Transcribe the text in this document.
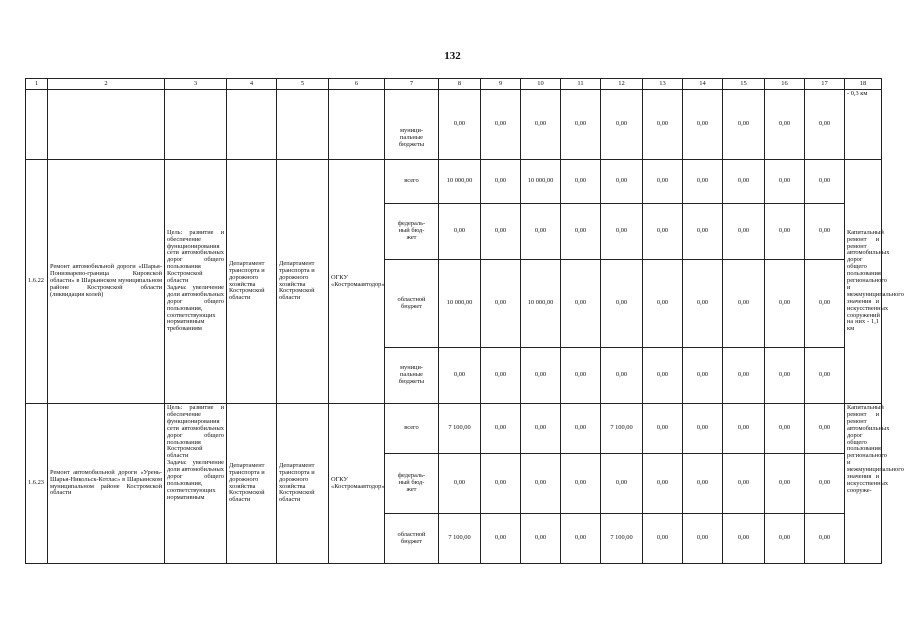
132
1	2	3	4	5	6	7	8	9	10	11	12	13	14	15	16	17	18
						муници-
пальные
бюджеты	0,00	0,00	0,00	0,00	0,00	0,00	0,00	0,00	0,00	0,00	- 0,3 км
1.6.22	Ремонт автомобильной дороги «Шарья-Понизварево-граница Кировской области» в Шарьинском муниципальном районе Костромской области (ликвидация колей)	Цель: развитие и обеспечение функционирования сети автомобильных дорог общего пользования Костромской области
Задача: увеличение доли автомобильных дорог общего пользования, соответствующих нормативным требованиям	Департамент транспорта и дорожного хозяйства Костромской области	Департамент транспорта и дорожного хозяйства Костромской области	ОГКУ «Костромаавтодор»	всего	10 000,00	0,00	10 000,00	0,00	0,00	0,00	0,00	0,00	0,00	0,00	Капитальный ремонт и ремонт автомобильных дорог общего пользования регионального и межмуниципального значения и искусственных сооружений на них - 1,1 км
						федераль-
ный бюд-
жет	0,00	0,00	0,00	0,00	0,00	0,00	0,00	0,00	0,00	0,00	
						областной
бюджет	10 000,00	0,00	10 000,00	0,00	0,00	0,00	0,00	0,00	0,00	0,00	
						муници-
пальные
бюджеты	0,00	0,00	0,00	0,00	0,00	0,00	0,00	0,00	0,00	0,00	
1.6.23	Ремонт автомобильной дороги «Урень-Шарья-Никольск-Котлас» в Шарьинском муниципальном районе Костромской области	Цель: развитие и обеспечение функционирования сети автомобильных дорог общего пользования Костромской области
Задача: увеличение доли автомобильных дорог общего пользования, соответствующих нормативным	Департамент транспорта и дорожного хозяйства Костромской области	Департамент транспорта и дорожного хозяйства Костромской области	ОГКУ «Костромаавтодор»	всего	7 100,00	0,00	0,00	0,00	7 100,00	0,00	0,00	0,00	0,00	0,00	Капитальный ремонт и ремонт автомобильных дорог общего пользования регионального и межмуниципального значения и искусственных сооруже-
						федераль-
ный бюд-
жет	0,00	0,00	0,00	0,00	0,00	0,00	0,00	0,00	0,00	0,00	
						областной
бюджет	7 100,00	0,00	0,00	0,00	7 100,00	0,00	0,00	0,00	0,00	0,00	
